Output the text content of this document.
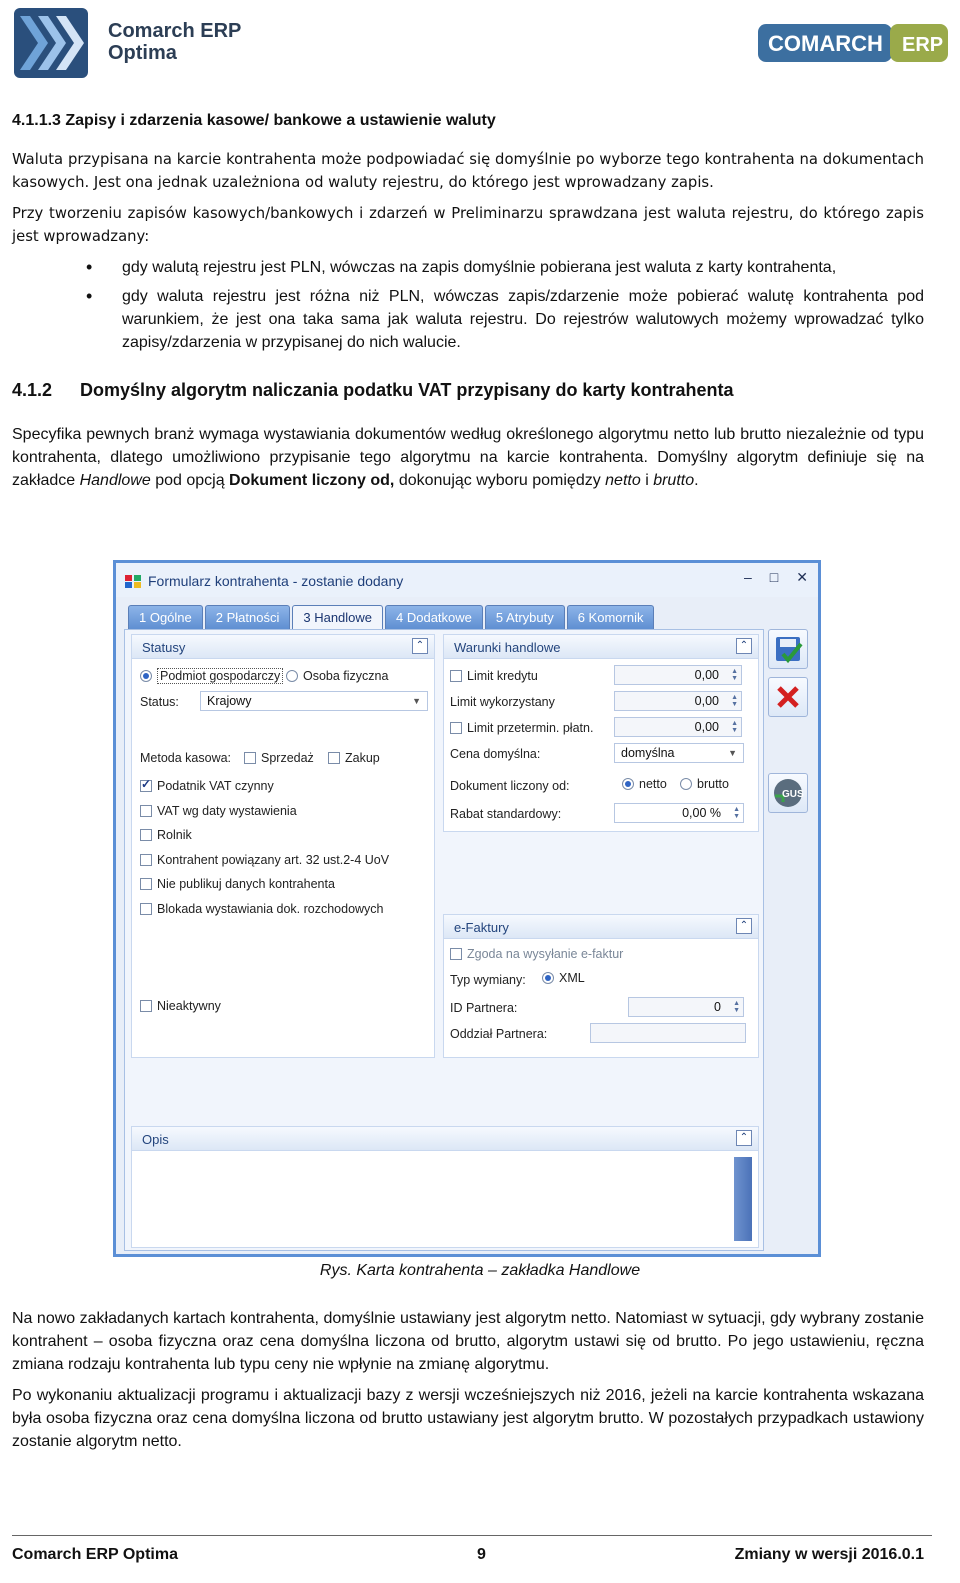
Comarch ERP
Optima	COMARCH ERP
4.1.1.3 Zapisy i zdarzenia kasowe/ bankowe a ustawienie waluty
Waluta przypisana na karcie kontrahenta może podpowiadać się domyślnie po wyborze tego kontrahenta na dokumentach kasowych. Jest ona jednak uzależniona od waluty rejestru, do którego jest wprowadzany zapis.
Przy tworzeniu zapisów kasowych/bankowych i zdarzeń w Preliminarzu sprawdzana jest waluta rejestru, do którego zapis jest wprowadzany:
• gdy walutą rejestru jest PLN, wówczas na zapis domyślnie pobierana jest waluta z karty kontrahenta,
• gdy waluta rejestru jest różna niż PLN, wówczas zapis/zdarzenie może pobierać walutę kontrahenta pod warunkiem, że jest ona taka sama jak waluta rejestru. Do rejestrów walutowych możemy wprowadzać tylko zapisy/zdarzenia w przypisanej do nich walucie.
4.1.2	Domyślny algorytm naliczania podatku VAT przypisany do karty kontrahenta
Specyfika pewnych branż wymaga wystawiania dokumentów według określonego algorytmu netto lub brutto niezależnie od typu kontrahenta, dlatego umożliwiono przypisanie tego algorytmu na karcie kontrahenta. Domyślny algorytm definiuje się na zakładce Handlowe pod opcją Dokument liczony od, dokonując wyboru pomiędzy netto i brutto.
Formularz kontrahenta - zostanie dodany	– □ ✕
1 Ogólne	2 Płatności	3 Handlowe	4 Dodatkowe	5 Atrybuty	6 Komornik
Statusy	⌃
Podmiot gospodarczy	Osoba fizyczna
Status:	Krajowy	▼
Metoda kasowa:	Sprzedaż	Zakup
✓Podatnik VAT czynny
VAT wg daty wystawienia
Rolnik
Kontrahent powiązany art. 32 ust.2-4 UoV
Nie publikuj danych kontrahenta
Blokada wystawiania dok. rozchodowych
Nieaktywny
Warunki handlowe	⌃
Limit kredytu	0,00 ▲
▼
Limit wykorzystany	0,00 ▲
▼
Limit przetermin. płatn.	0,00 ▲
▼
Cena domyślna:	domyślna	▼
Dokument liczony od:	netto	brutto
Rabat standardowy:	0,00 % ▲
▼
e-Faktury	⌃
Zgoda na wysyłanie e-faktur
Typ wymiany:	XML
ID Partnera:	0 ▲
▼
Oddział Partnera:
Opis	⌃
GUS
Rys. Karta kontrahenta – zakładka Handlowe
Na nowo zakładanych kartach kontrahenta, domyślnie ustawiany jest algorytm netto. Natomiast w sytuacji, gdy wybrany zostanie kontrahent – osoba fizyczna oraz cena domyślna liczona od brutto, algorytm ustawi się od brutto. Po jego ustawieniu, ręczna zmiana rodzaju kontrahenta lub typu ceny nie wpłynie na zmianę algorytmu.
Po wykonaniu aktualizacji programu i aktualizacji bazy z wersji wcześniejszych niż 2016, jeżeli na karcie kontrahenta wskazana była osoba fizyczna oraz cena domyślna liczona od brutto ustawiany jest algorytm brutto. W pozostałych przypadkach ustawiony zostanie algorytm netto.
Comarch ERP Optima	9	Zmiany w wersji 2016.0.1
